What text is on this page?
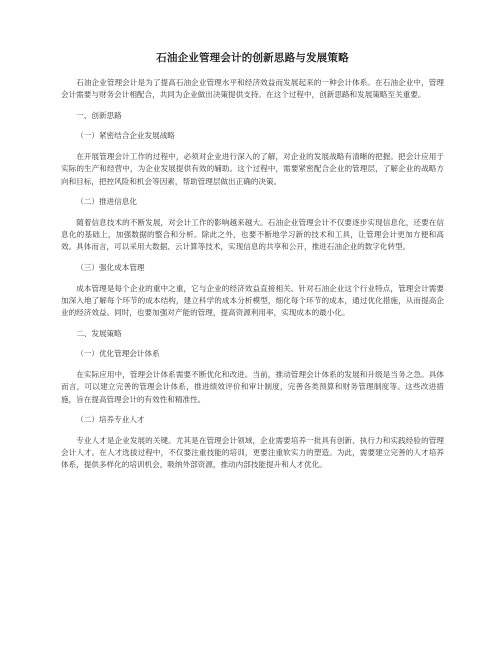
石油企业管理会计的创新思路与发展策略
石油企业管理会计是为了提高石油企业管理水平和经济效益而发展起来的一种会计体系。在石油企业中，管理会计需要与财务会计相配合，共同为企业做出决策提供支持。在这个过程中，创新思路和发展策略至关重要。
一、创新思路
（一）紧密结合企业发展战略
在开展管理会计工作的过程中，必须对企业进行深入的了解，对企业的发展战略有清晰的把握。把会计应用于实际的生产和经营中，为企业发展提供有效的辅助。这个过程中，需要紧密配合企业的管理层，了解企业的战略方向和目标，把控风险和机会等因素，帮助管理层做出正确的决策。
（二）推进信息化
随着信息技术的不断发展，对会计工作的影响越来越大。石油企业管理会计不仅要逐步实现信息化，还要在信息化的基础上，加强数据的整合和分析。除此之外，也要不断地学习新的技术和工具，让管理会计更加方便和高效。具体而言，可以采用大数据、云计算等技术，实现信息的共享和公开，推进石油企业的数字化转型。
（三）强化成本管理
成本管理是每个企业的重中之重，它与企业的经济效益直接相关。针对石油企业这个行业特点，管理会计需要加深入地了解每个环节的成本结构，建立科学的成本分析模型，细化每个环节的成本，通过优化措施，从而提高企业的经济效益。同时，也要加强对产能的管理，提高资源利用率，实现成本的最小化。
二、发展策略
（一）优化管理会计体系
在实际应用中，管理会计体系需要不断优化和改进。当前，推动管理会计体系的发展和升级是当务之急。具体而言，可以建立完善的管理会计体系，推进绩效评价和审计制度，完善各类预算和财务管理制度等。这些改进措施，旨在提高管理会计的有效性和精准性。
（二）培养专业人才
专业人才是企业发展的关键。尤其是在管理会计领域，企业需要培养一批具有创新、执行力和实践经验的管理会计人才。在人才选拔过程中，不仅要注重技能的培训，更要注重软实力的塑造。为此，需要建立完善的人才培养体系，提供多样化的培训机会，吸纳外部资源，推动内部技能提升和人才优化。
